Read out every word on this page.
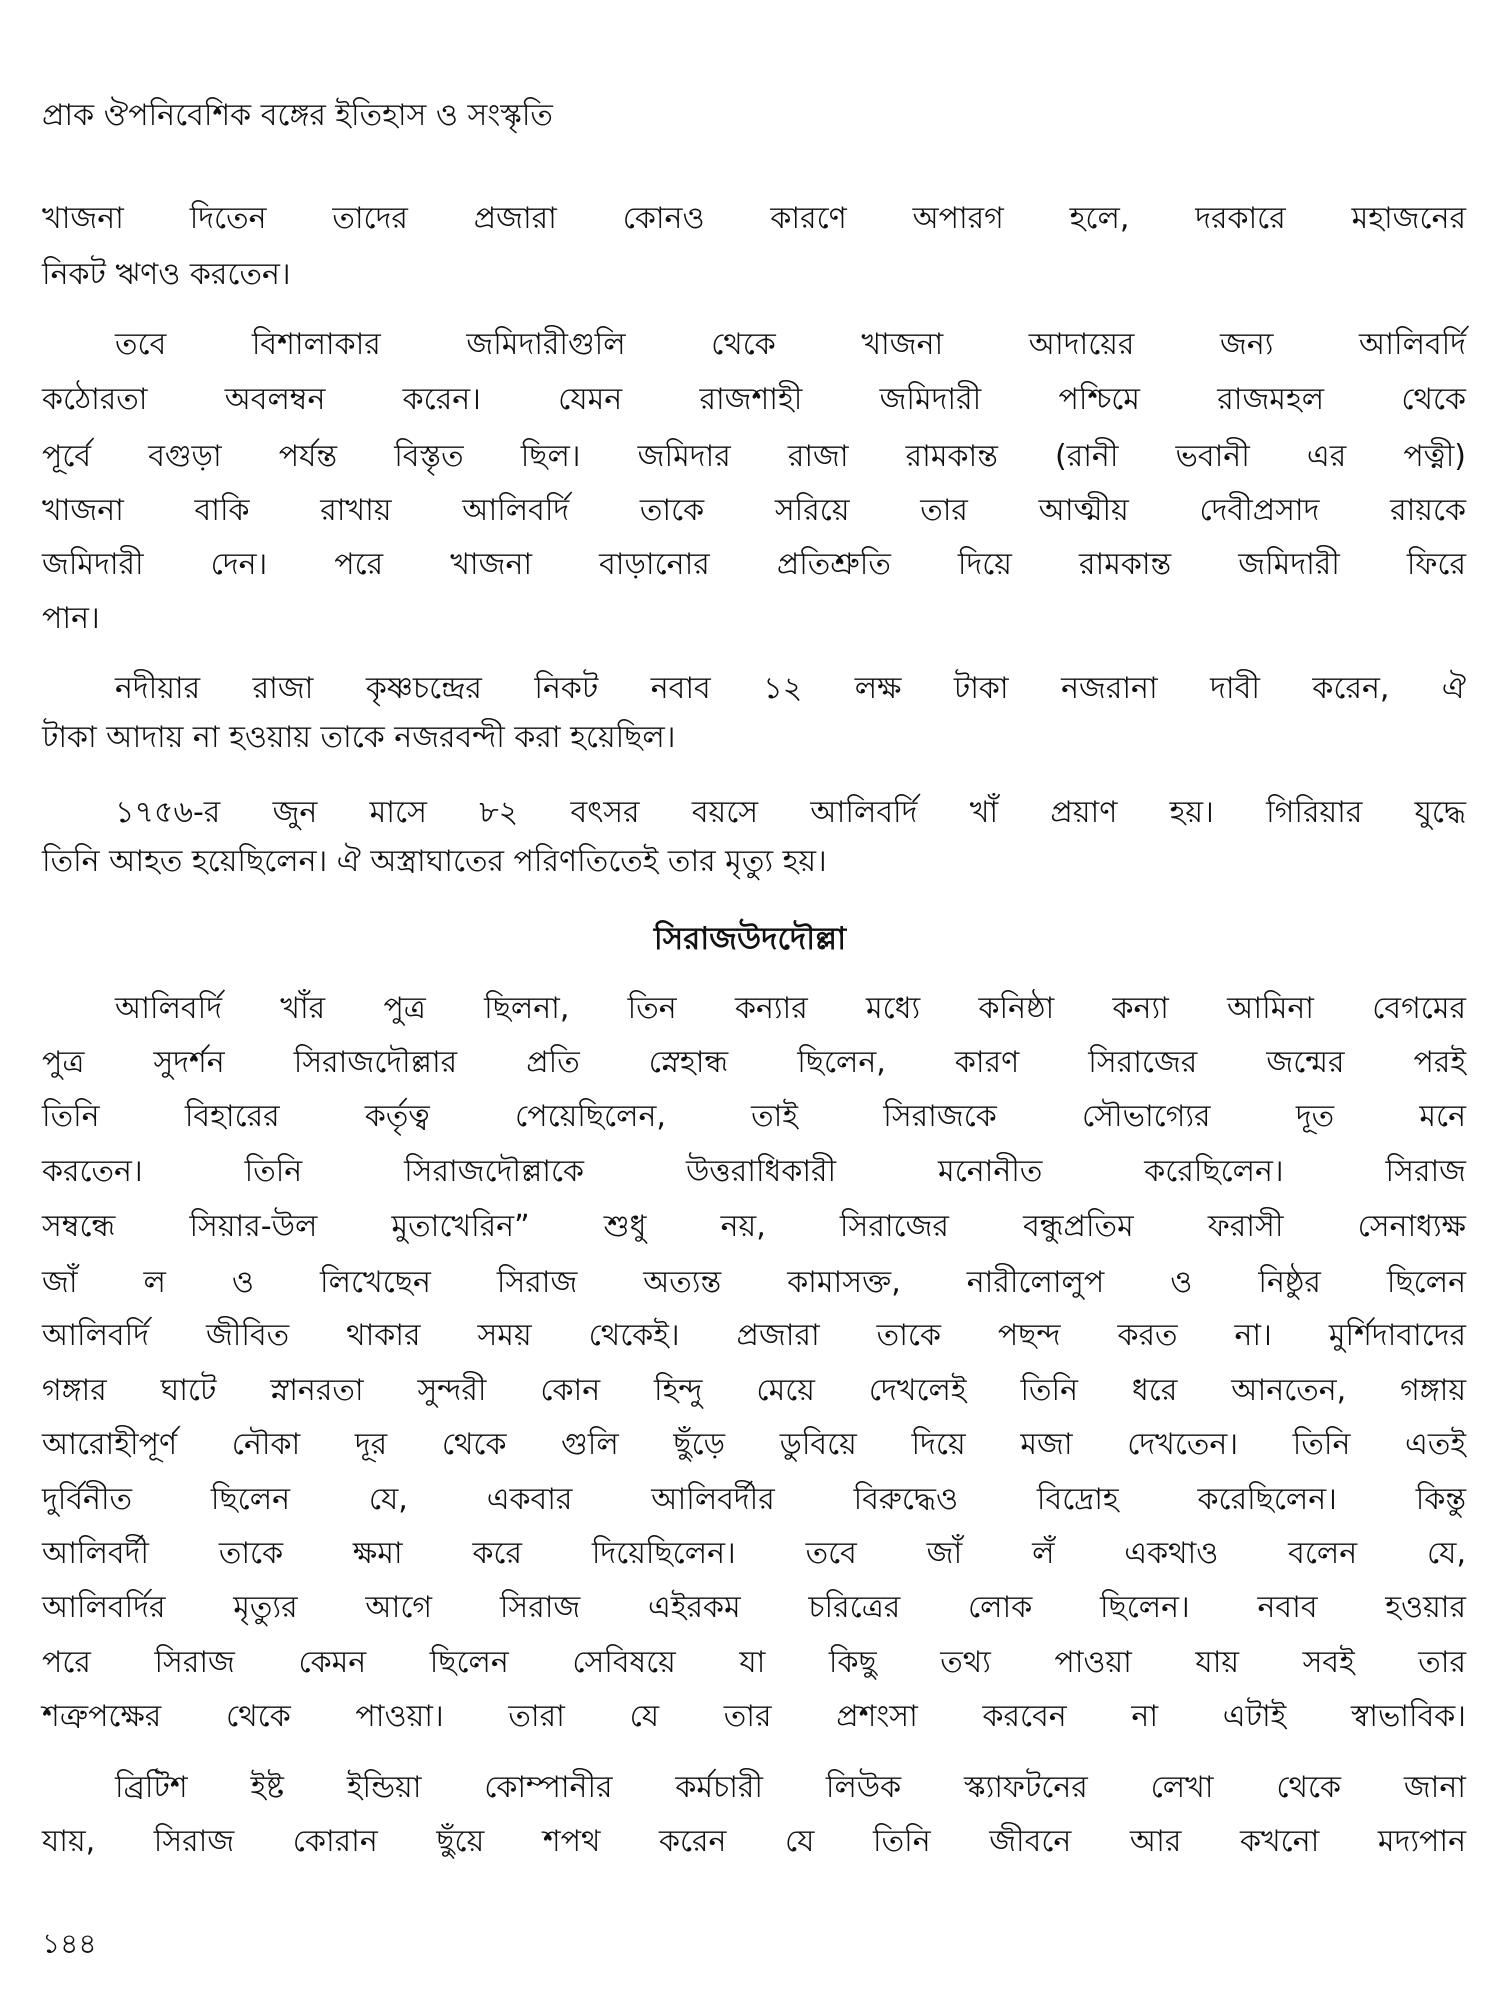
প্রাক ঔপনিবেশিক বঙ্গের ইতিহাস ও সংস্কৃতি
খাজনা দিতেন তাদের প্রজারা কোনও কারণে অপারগ হলে, দরকারে মহাজনের
নিকট ঋণও করতেন।
তবে বিশালাকার জমিদারীগুলি থেকে খাজনা আদায়ের জন্য আলিবর্দি
কঠোরতা অবলম্বন করেন। যেমন রাজশাহী জমিদারী পশ্চিমে রাজমহল থেকে
পূর্বে বগুড়া পর্যন্ত বিস্তৃত ছিল। জমিদার রাজা রামকান্ত (রানী ভবানী এর পত্নী)
খাজনা বাকি রাখায় আলিবর্দি তাকে সরিয়ে তার আত্মীয় দেবীপ্রসাদ রায়কে
জমিদারী দেন। পরে খাজনা বাড়ানোর প্রতিশ্রুতি দিয়ে রামকান্ত জমিদারী ফিরে
পান।
নদীয়ার রাজা কৃষ্ণচন্দ্রের নিকট নবাব ১২ লক্ষ টাকা নজরানা দাবী করেন, ঐ
টাকা আদায় না হওয়ায় তাকে নজরবন্দী করা হয়েছিল।
১৭৫৬-র জুন মাসে ৮২ বৎসর বয়সে আলিবর্দি খাঁ প্রয়াণ হয়। গিরিয়ার যুদ্ধে
তিনি আহত হয়েছিলেন। ঐ অস্ত্রাঘাতের পরিণতিতেই তার মৃত্যু হয়।
আলিবর্দি খাঁর পুত্র ছিলনা, তিন কন্যার মধ্যে কনিষ্ঠা কন্যা আমিনা বেগমের
পুত্র সুদর্শন সিরাজদৌল্লার প্রতি স্নেহান্ধ ছিলেন, কারণ সিরাজের জন্মের পরই
তিনি বিহারের কর্তৃত্ব পেয়েছিলেন, তাই সিরাজকে সৌভাগ্যের দূত মনে
করতেন। তিনি সিরাজদৌল্লাকে উত্তরাধিকারী মনোনীত করেছিলেন। সিরাজ
সম্বন্ধে সিয়ার-উল মুতাখেরিন” শুধু নয়, সিরাজের বন্ধুপ্রতিম ফরাসী সেনাধ্যক্ষ
জাঁ ল ও লিখেছেন সিরাজ অত্যন্ত কামাসক্ত, নারীলোলুপ ও নিষ্ঠুর ছিলেন
আলিবর্দি জীবিত থাকার সময় থেকেই। প্রজারা তাকে পছন্দ করত না। মুর্শিদাবাদের
গঙ্গার ঘাটে স্নানরতা সুন্দরী কোন হিন্দু মেয়ে দেখলেই তিনি ধরে আনতেন, গঙ্গায়
আরোহীপূর্ণ নৌকা দূর থেকে গুলি ছুঁড়ে ডুবিয়ে দিয়ে মজা দেখতেন। তিনি এতই
দুর্বিনীত ছিলেন যে, একবার আলিবর্দীর বিরুদ্ধেও বিদ্রোহ করেছিলেন। কিন্তু
আলিবর্দী তাকে ক্ষমা করে দিয়েছিলেন। তবে জাঁ লঁ একথাও বলেন যে,
আলিবর্দির মৃত্যুর আগে সিরাজ এইরকম চরিত্রের লোক ছিলেন। নবাব হওয়ার
পরে সিরাজ কেমন ছিলেন সেবিষয়ে যা কিছু তথ্য পাওয়া যায় সবই তার
শত্রুপক্ষের থেকে পাওয়া। তারা যে তার প্রশংসা করবেন না এটাই স্বাভাবিক।
ব্রিটিশ ইষ্ট ইন্ডিয়া কোম্পানীর কর্মচারী লিউক স্ক্যাফটনের লেখা থেকে জানা
যায়, সিরাজ কোরান ছুঁয়ে শপথ করেন যে তিনি জীবনে আর কখনো মদ্যপান
সিরাজউদদৌল্লা
১৪৪
